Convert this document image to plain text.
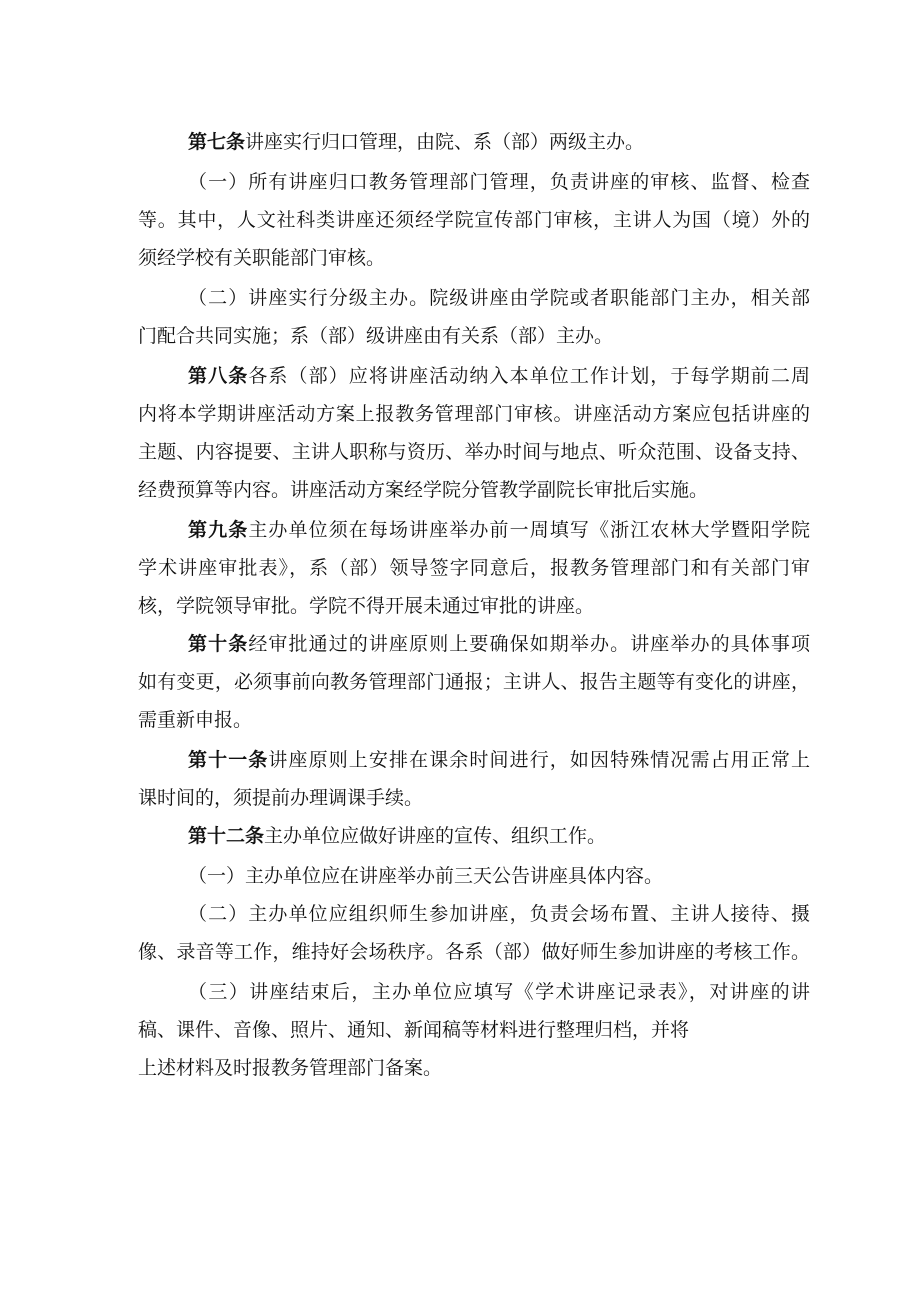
第七条讲座实行归口管理，由院、系（部）两级主办。
（一）所有讲座归口教务管理部门管理，负责讲座的审核、监督、检查
等。其中，人文社科类讲座还须经学院宣传部门审核，主讲人为国（境）外的
须经学校有关职能部门审核。
（二）讲座实行分级主办。院级讲座由学院或者职能部门主办，相关部
门配合共同实施；系（部）级讲座由有关系（部）主办。
第八条各系（部）应将讲座活动纳入本单位工作计划，于每学期前二周
内将本学期讲座活动方案上报教务管理部门审核。讲座活动方案应包括讲座的
主题、内容提要、主讲人职称与资历、举办时间与地点、听众范围、设备支持、
经费预算等内容。讲座活动方案经学院分管教学副院长审批后实施。
第九条主办单位须在每场讲座举办前一周填写《浙江农林大学暨阳学院
学术讲座审批表》，系（部）领导签字同意后，报教务管理部门和有关部门审
核，学院领导审批。学院不得开展未通过审批的讲座。
第十条经审批通过的讲座原则上要确保如期举办。讲座举办的具体事项
如有变更，必须事前向教务管理部门通报；主讲人、报告主题等有变化的讲座，
需重新申报。
第十一条讲座原则上安排在课余时间进行，如因特殊情况需占用正常上
课时间的，须提前办理调课手续。
第十二条主办单位应做好讲座的宣传、组织工作。
（一）主办单位应在讲座举办前三天公告讲座具体内容。
（二）主办单位应组织师生参加讲座，负责会场布置、主讲人接待、摄
像、录音等工作，维持好会场秩序。各系（部）做好师生参加讲座的考核工作。
（三）讲座结束后，主办单位应填写《学术讲座记录表》，对讲座的讲
稿、课件、音像、照片、通知、新闻稿等材料进行整理归档，并将
上述材料及时报教务管理部门备案。
